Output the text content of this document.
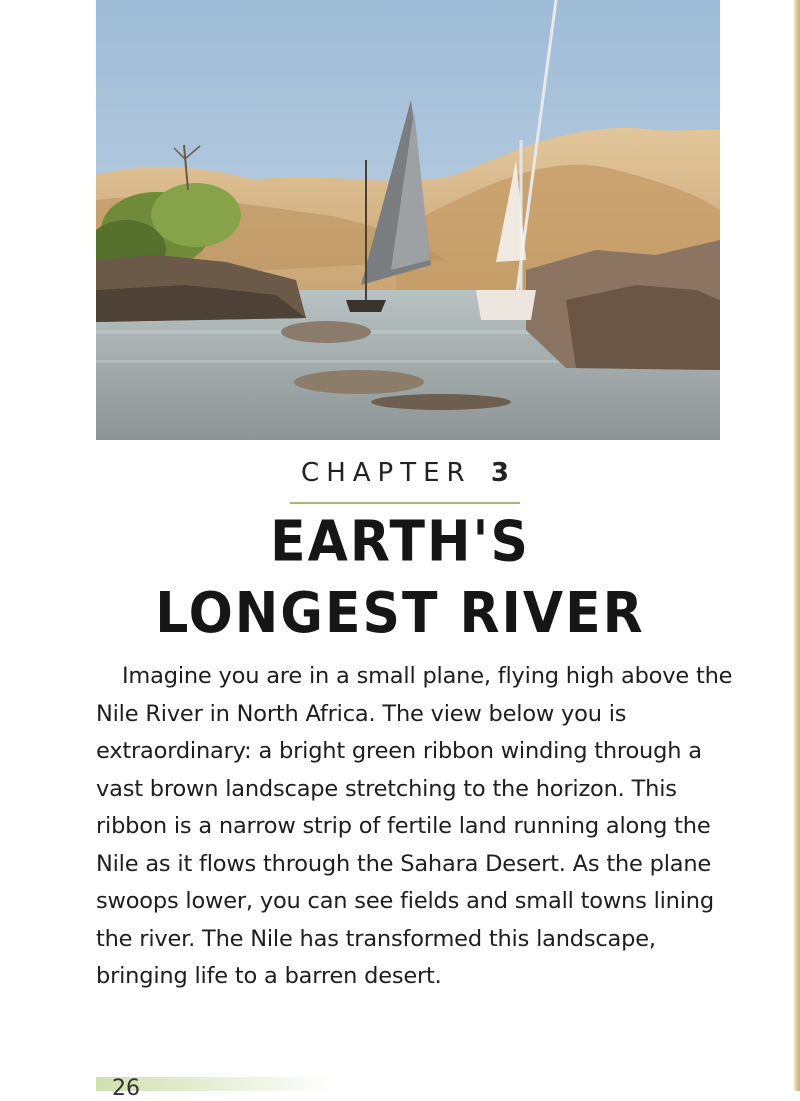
CHAPTER 3
EARTH'S
LONGEST RIVER
Imagine you are in a small plane, flying high above the Nile River in North Africa. The view below you is extraordinary: a bright green ribbon winding through a vast brown landscape stretching to the horizon. This ribbon is a narrow strip of fertile land running along the Nile as it flows through the Sahara Desert. As the plane swoops lower, you can see fields and small towns lining the river. The Nile has transformed this landscape, bringing life to a barren desert.
26
